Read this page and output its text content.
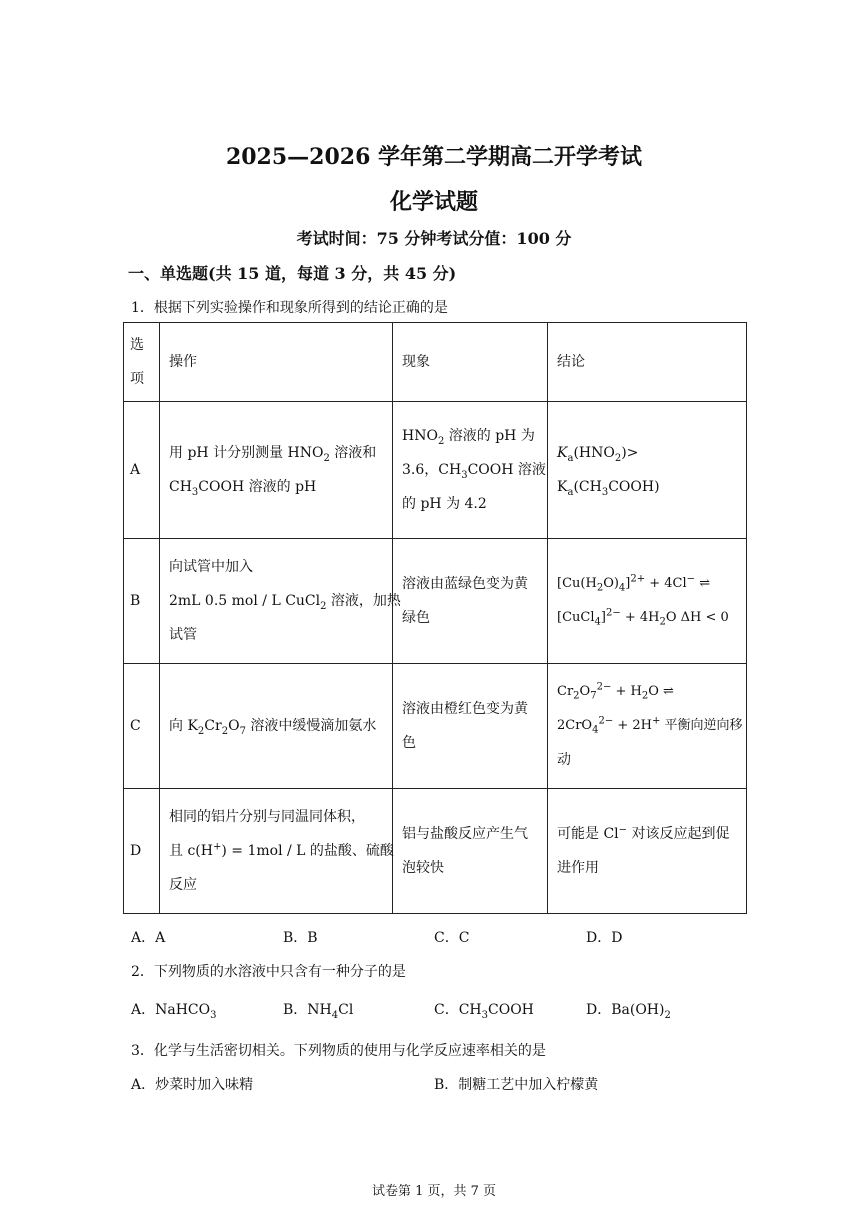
2025—2026 学年第二学期高二开学考试
化学试题
考试时间：75 分钟考试分值：100 分
一、单选题(共 15 道，每道 3 分，共 45 分)
1．根据下列实验操作和现象所得到的结论正确的是
选
项	操作	现象	结论
A	用 pH 计分别测量 $HNO_2$ 溶液和
$CH_3COOH$ 溶液的 pH	$HNO_2$ 溶液的 pH 为
3.6，$CH_3COOH$ 溶液
的 pH 为 4.2	$K_a(HNO_2)>$
$K_a(CH_3COOH)$

B	向试管中加入
2mL 0.5 mol / L CuCl$_2$ 溶液，加热
试管	溶液由蓝绿色变为黄
绿色	$[Cu(H_2O)_4]^{2+} + 4Cl^-$ ⇌
[CuCl$_4$]$^{2-}$ + $4H_2O$ ΔH < 0

C	向 $K_2Cr_2O_7$ 溶液中缓慢滴加氨水	溶液由橙红色变为黄
色	$Cr_2O_7^{2-} + H_2O$ ⇌
2CrO$_4^{2-}$ + 2H+ 平衡向逆向移
动

D	相同的铝片分别与同温同体积，
且 c(H+) = 1mol / L 的盐酸、硫酸
反应	铝与盐酸反应产生气
泡较快	可能是 Cl− 对该反应起到促
进作用
A．A	B．B	C．C	D．D
2．下列物质的水溶液中只含有一种分子的是
A．NaHCO$_3$	B．$NH_4Cl$	C．$CH_3COOH$	D．$Ba(OH)_2$
3．化学与生活密切相关。下列物质的使用与化学反应速率相关的是
A．炒菜时加入味精	B．制糖工艺中加入柠檬黄
试卷第 1 页，共 7 页
